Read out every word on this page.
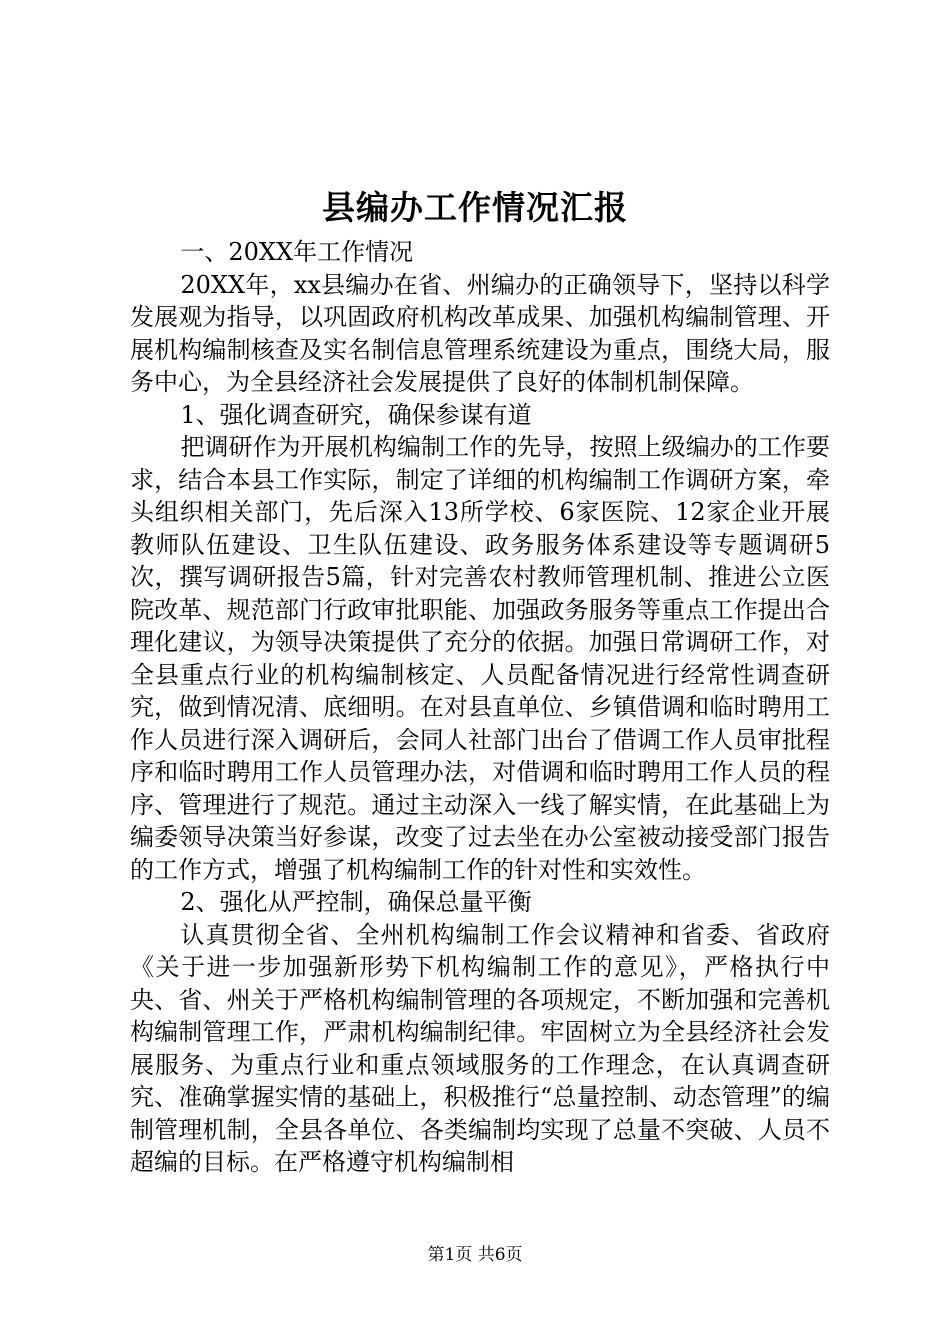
县编办工作情况汇报

一、20XX年工作情况

20XX年，xx县编办在省、州编办的正确领导下，坚持以科学发展观为指导，以巩固政府机构改革成果、加强机构编制管理、开展机构编制核查及实名制信息管理系统建设为重点，围绕大局，服务中心，为全县经济社会发展提供了良好的体制机制保障。

1、强化调查研究，确保参谋有道

把调研作为开展机构编制工作的先导，按照上级编办的工作要求，结合本县工作实际，制定了详细的机构编制工作调研方案，牵头组织相关部门，先后深入13所学校、6家医院、12家企业开展教师队伍建设、卫生队伍建设、政务服务体系建设等专题调研5次，撰写调研报告5篇，针对完善农村教师管理机制、推进公立医院改革、规范部门行政审批职能、加强政务服务等重点工作提出合理化建议，为领导决策提供了充分的依据。加强日常调研工作，对全县重点行业的机构编制核定、人员配备情况进行经常性调查研究，做到情况清、底细明。在对县直单位、乡镇借调和临时聘用工作人员进行深入调研后，会同人社部门出台了借调工作人员审批程序和临时聘用工作人员管理办法，对借调和临时聘用工作人员的程序、管理进行了规范。通过主动深入一线了解实情，在此基础上为编委领导决策当好参谋，改变了过去坐在办公室被动接受部门报告的工作方式，增强了机构编制工作的针对性和实效性。

2、强化从严控制，确保总量平衡

认真贯彻全省、全州机构编制工作会议精神和省委、省政府《关于进一步加强新形势下机构编制工作的意见》，严格执行中央、省、州关于严格机构编制管理的各项规定，不断加强和完善机构编制管理工作，严肃机构编制纪律。牢固树立为全县经济社会发展服务、为重点行业和重点领域服务的工作理念，在认真调查研究、准确掌握实情的基础上，积极推行“总量控制、动态管理”的编制管理机制，全县各单位、各类编制均实现了总量不突破、人员不超编的目标。在严格遵守机构编制相

第1页 共6页
